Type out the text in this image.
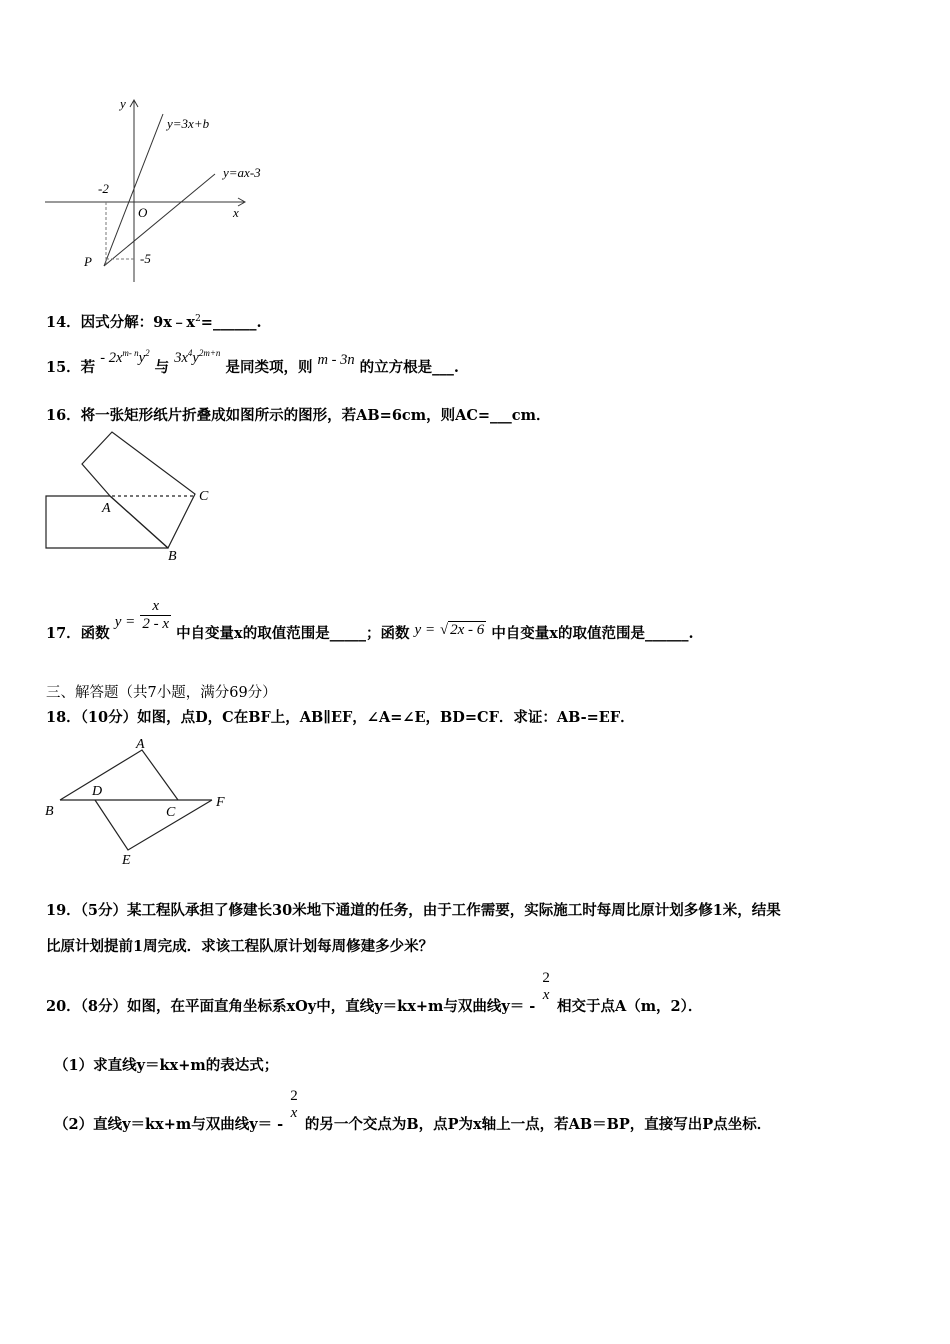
y
y=3x+b
y=ax-3
-2
O	x
P	-5
14．因式分解：$9x﹣x^2=\_\_\_\_\_\_$.
15．若 - $2x^{m- n}y^2$ 与 $3x^4y^{2m+n}$ 是同类项，则 m - 3n 的立方根是___.
16．将一张矩形纸片折叠成如图所示的图形，若AB=6cm，则AC=___cm．
A
C
B
17．函数 $y = \frac{x}{2 - x}$
中自变量x的取值范围是_____；函数 y = √ 2x - 6 中自变量x的取值范围是______.
三、解答题（共7小题，满分69分）
18．（10分）如图，点D，C在BF上，AB∥EF，∠A=∠E，BD=CF．求证：AB-=EF．
A
D
B	C
F
E
19．（5分）某工程队承担了修建长30米地下通道的任务，由于工作需要，实际施工时每周比原计划多修1米，结果
比原计划提前1周完成．求该工程队原计划每周修建多少米？
20．（8分）如图，在平面直角坐标系xOy中，直线y＝kx+m与双曲线y＝ -
2
x
相交于点A（m，2）．
（1）求直线y＝kx+m的表达式；
（2）直线y＝kx+m与双曲线y＝ -
2
x
的另一个交点为B，点P为x轴上一点，若AB＝BP，直接写出P点坐标．
